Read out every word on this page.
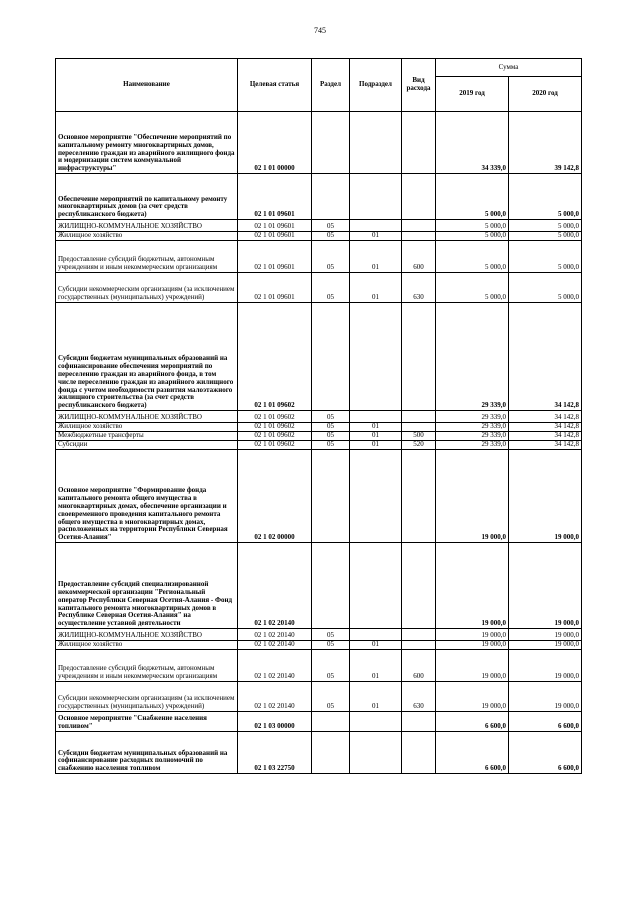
745
Наименование	Целевая статья	Раздел	Подраздел	Вид расхода	Сумма	
					2019 год	2020 год
Основное мероприятие "Обеспечение мероприятий по капитальному ремонту многоквартирных домов, переселению граждан из аварийного жилищного фонда и модернизации систем коммунальной инфраструктуры"	02 1 01 00000				34 339,0	39 142,8
Обеспечение мероприятий по капитальному ремонту многоквартирных домов (за счет средств республиканского бюджета)	02 1 01 09601				5 000,0	5 000,0
ЖИЛИЩНО-КОММУНАЛЬНОЕ ХОЗЯЙСТВО	02 1 01 09601	05			5 000,0	5 000,0
Жилищное хозяйство	02 1 01 09601	05	01		5 000,0	5 000,0
Предоставление субсидий бюджетным, автономным учреждениям и иным некоммерческим организациям	02 1 01 09601	05	01	600	5 000,0	5 000,0
Субсидии некоммерческим организациям (за исключением государственных (муниципальных) учреждений)	02 1 01 09601	05	01	630	5 000,0	5 000,0
Субсидии бюджетам муниципальных образований на софинансирование обеспечения мероприятий по переселению граждан из аварийного фонда, в том числе переселению граждан из аварийного жилищного фонда с учетом необходимости развития малоэтажного жилищного строительства (за счет средств республиканского бюджета)	02 1 01 09602				29 339,0	34 142,8
ЖИЛИЩНО-КОММУНАЛЬНОЕ ХОЗЯЙСТВО	02 1 01 09602	05			29 339,0	34 142,8
Жилищное хозяйство	02 1 01 09602	05	01		29 339,0	34 142,8
Межбюджетные трансферты	02 1 01 09602	05	01	500	29 339,0	34 142,8
Субсидии	02 1 01 09602	05	01	520	29 339,0	34 142,8
Основное мероприятие "Формирование фонда капитального ремонта общего имущества в многоквартирных домах, обеспечение организации и своевременного проведения капитального ремонта общего имущества в многоквартирных домах, расположенных на территории Республики Северная Осетия-Алания"	02 1 02 00000				19 000,0	19 000,0
Предоставление субсидий специализированной некоммерческой организации "Региональный оператор Республики Северная Осетия-Алания - Фонд капитального ремонта многоквартирных домов в Республике Северная Осетия-Алания" на осуществление уставной деятельности	02 1 02 20140				19 000,0	19 000,0
ЖИЛИЩНО-КОММУНАЛЬНОЕ ХОЗЯЙСТВО	02 1 02 20140	05			19 000,0	19 000,0
Жилищное хозяйство	02 1 02 20140	05	01		19 000,0	19 000,0
Предоставление субсидий бюджетным, автономным учреждениям и иным некоммерческим организациям	02 1 02 20140	05	01	600	19 000,0	19 000,0
Субсидии некоммерческим организациям (за исключением государственных (муниципальных) учреждений)	02 1 02 20140	05	01	630	19 000,0	19 000,0
Основное мероприятие "Снабжение населения топливом"	02 1 03 00000				6 600,0	6 600,0
Субсидии бюджетам муниципальных образований на софинансирование расходных полномочий по снабжению населения топливом	02 1 03 22750				6 600,0	6 600,0
